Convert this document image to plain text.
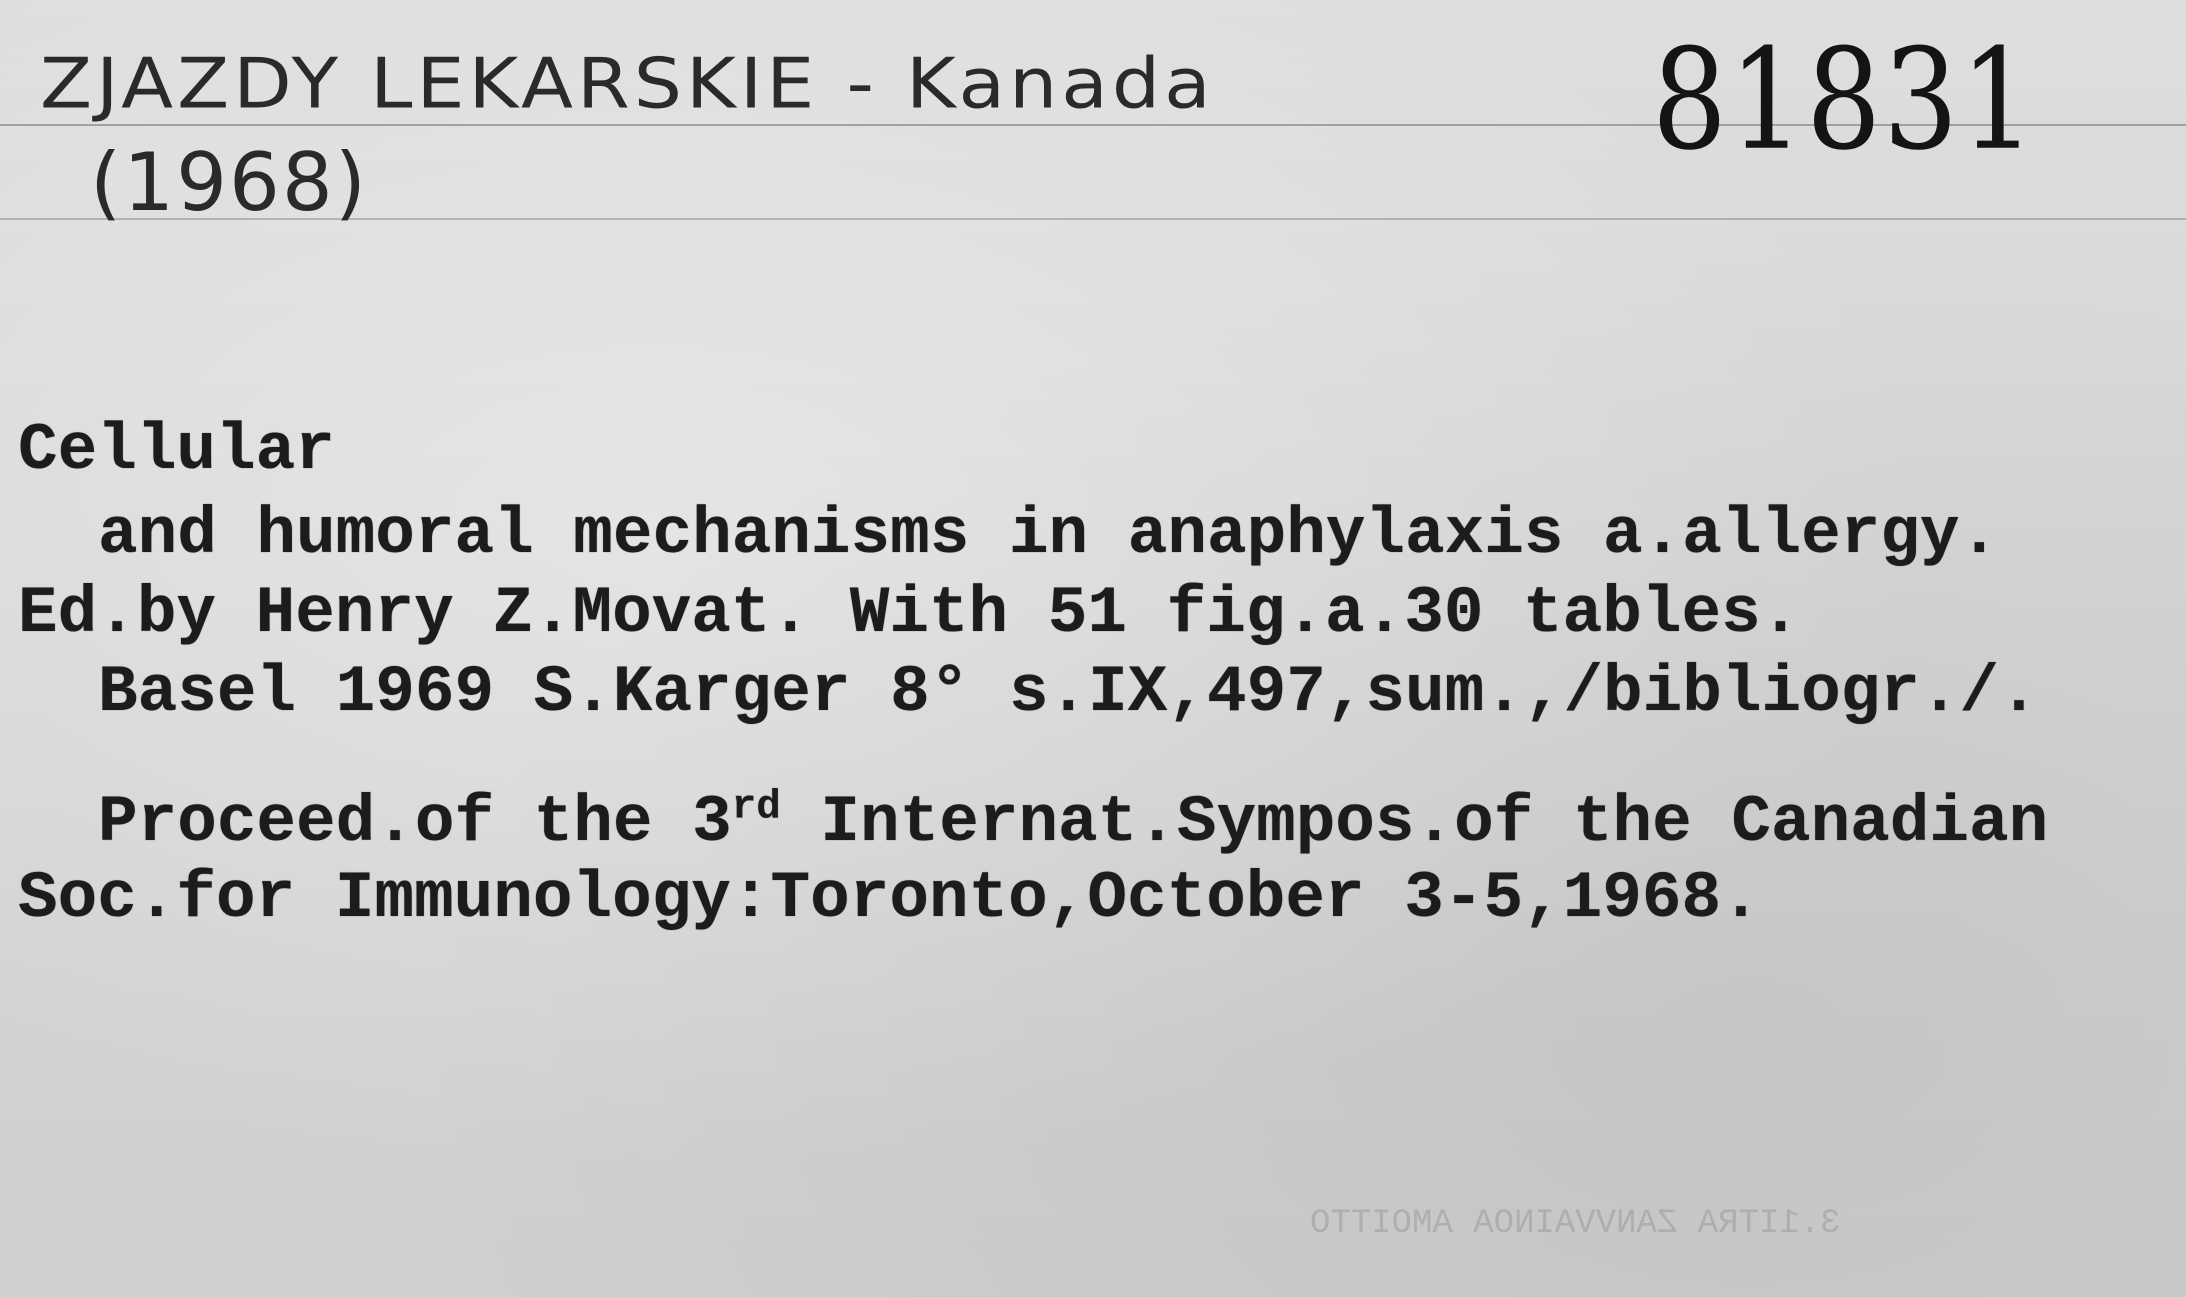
ZJAZDY LEKARSKIE - Kanada
(1968)
81831
Cellular
and humoral mechanisms in anaphylaxis a.allergy.
Ed.by Henry Z.Movat. With 51 fig.a.30 tables.
Basel 1969 S.Karger 8° s.IX,497,sum.,/bibliogr./.
Proceed.of the 3rd Internat.Sympos.of the Canadian
Soc.for Immunology:Toronto,October 3-5,1968.
3.1ITRA ZANVVAINOA AMOITTO
